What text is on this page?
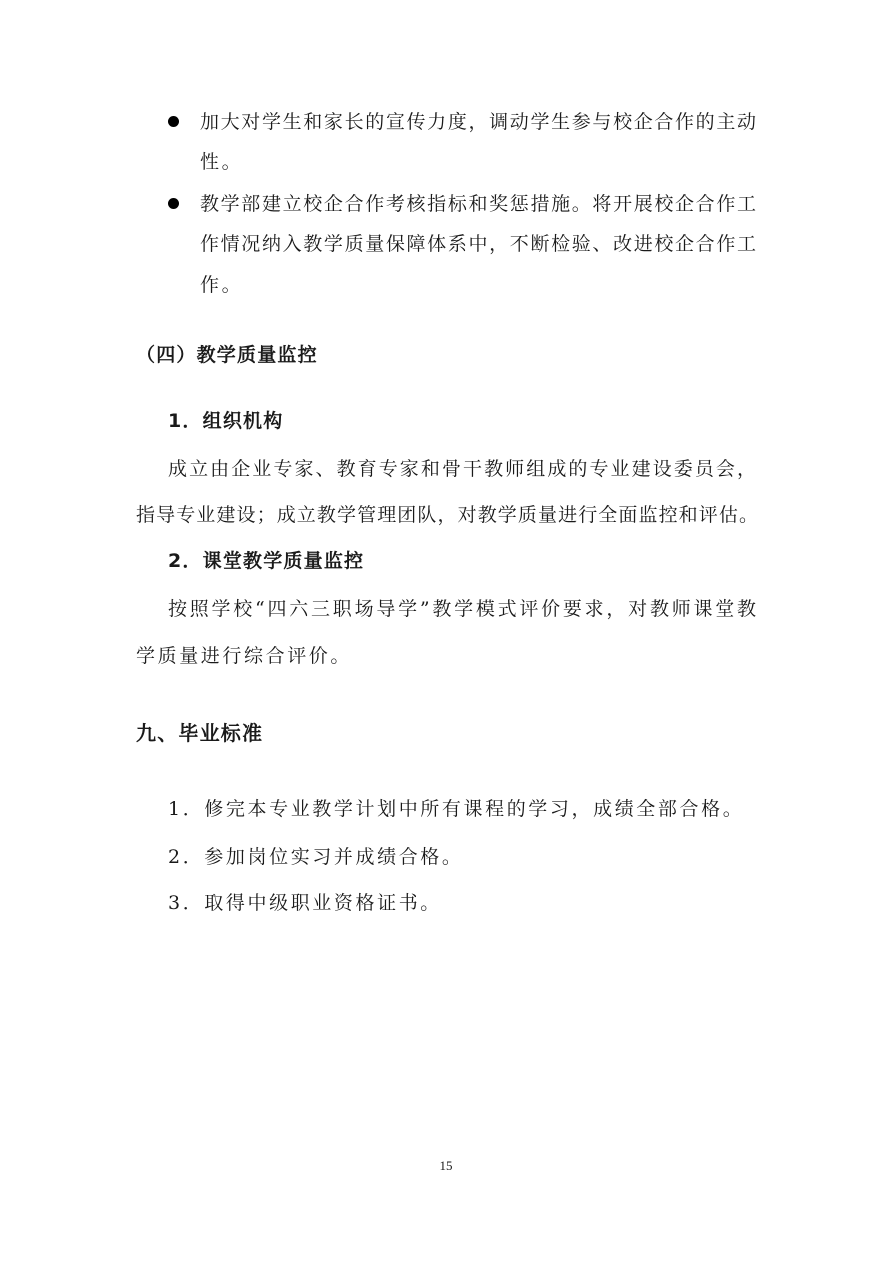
加大对学生和家长的宣传力度，调动学生参与校企合作的主动
性。
教学部建立校企合作考核指标和奖惩措施。将开展校企合作工
作情况纳入教学质量保障体系中，不断检验、改进校企合作工
作。
（四）教学质量监控
1．组织机构
成立由企业专家、教育专家和骨干教师组成的专业建设委员会，
指导专业建设；成立教学管理团队，对教学质量进行全面监控和评估。
2．课堂教学质量监控
按照学校“四六三职场导学”教学模式评价要求，对教师课堂教
学质量进行综合评价。
九、毕业标准
1．修完本专业教学计划中所有课程的学习，成绩全部合格。
2．参加岗位实习并成绩合格。
3．取得中级职业资格证书。
15
